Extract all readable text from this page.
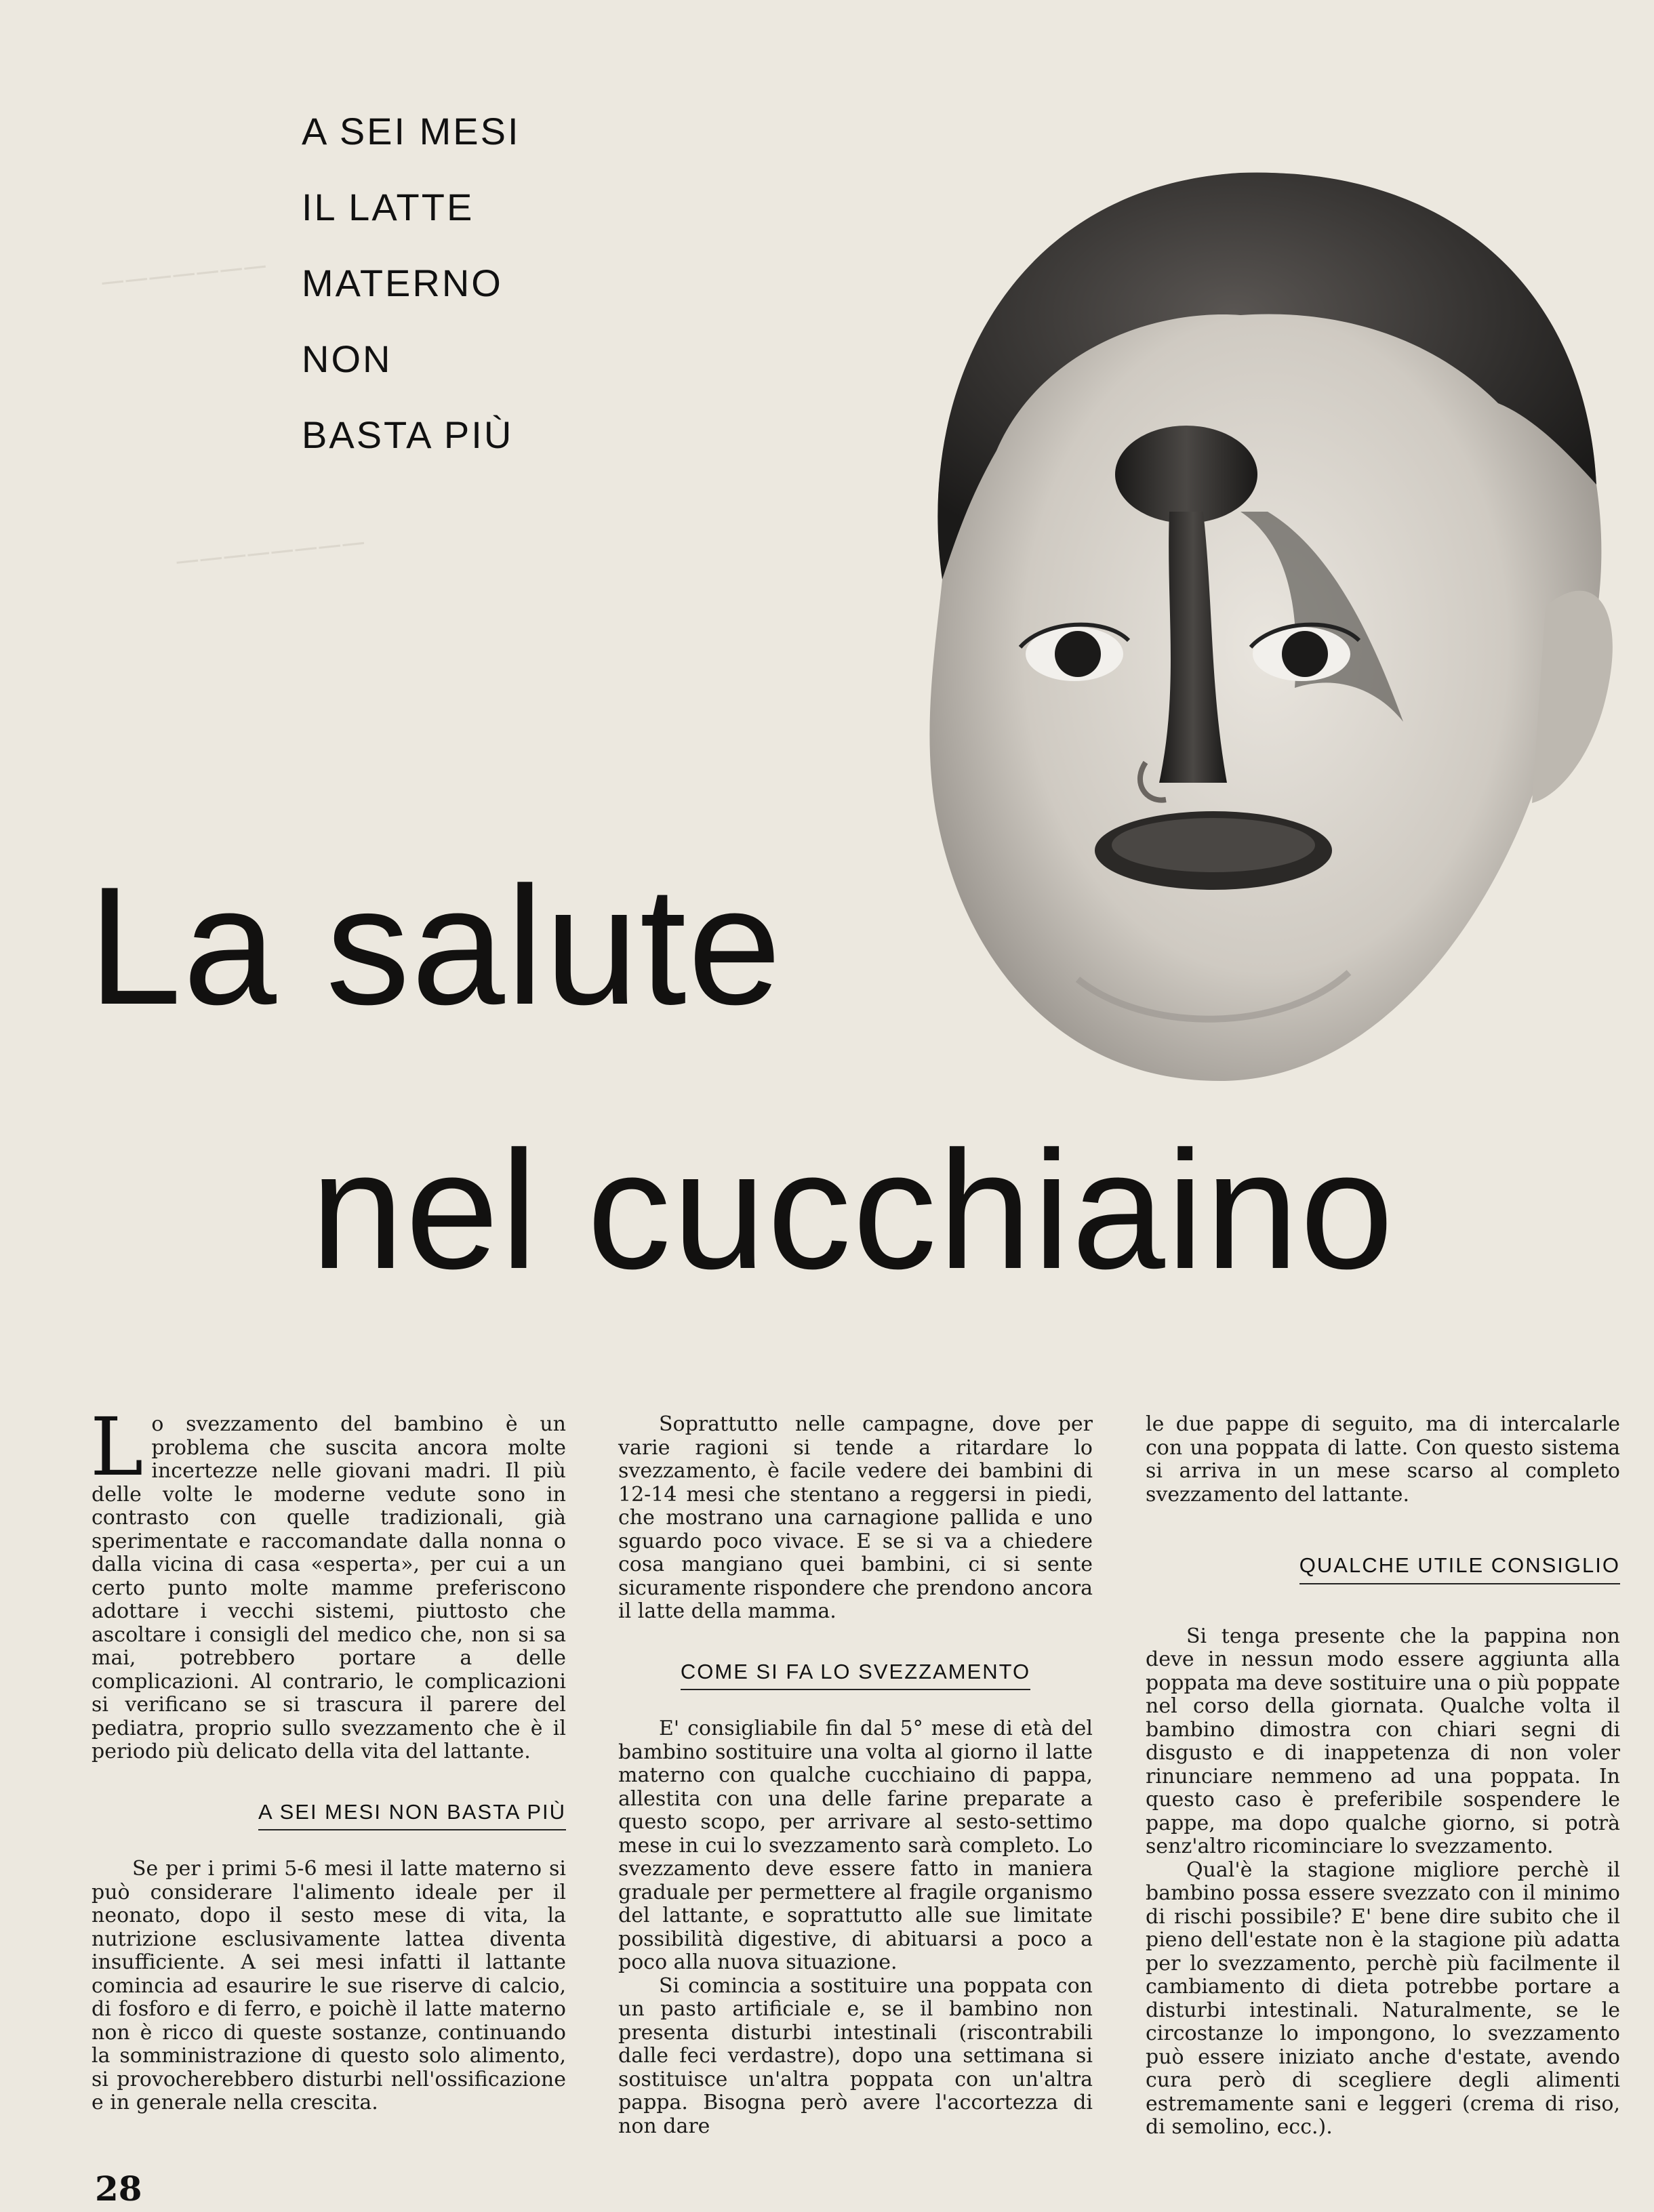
───────
────────
A SEI MESI
IL LATTE
MATERNO
NON
BASTA PIÙ
La salute
nel cucchiaino

Lo svezzamento del bambino è un problema che suscita ancora molte incertezze nelle giovani madri. Il più delle volte le moderne vedute sono in contrasto con quelle tradizionali, già sperimentate e raccomandate dalla nonna o dalla vicina di casa «esperta», per cui a un certo punto molte mamme preferiscono adottare i vecchi sistemi, piuttosto che ascoltare i consigli del medico che, non si sa mai, potrebbero portare a delle complicazioni. Al contrario, le complicazioni si verificano se si trascura il parere del pediatra, proprio sullo svezzamento che è il periodo più delicato della vita del lattante.

A SEI MESI NON BASTA PIÙ

Se per i primi 5-6 mesi il latte materno si può considerare l'alimento ideale per il neonato, dopo il sesto mese di vita, la nutrizione esclusivamente lattea diventa insufficiente. A sei mesi infatti il lattante comincia ad esaurire le sue riserve di calcio, di fosforo e di ferro, e poichè il latte materno non è ricco di queste sostanze, continuando la somministrazione di questo solo alimento, si provocherebbero disturbi nell'ossificazione e in generale nella crescita.

Soprattutto nelle campagne, dove per varie ragioni si tende a ritardare lo svezzamento, è facile vedere dei bambini di 12-14 mesi che stentano a reggersi in piedi, che mostrano una carnagione pallida e uno sguardo poco vivace. E se si va a chiedere cosa mangiano quei bambini, ci si sente sicuramente rispondere che prendono ancora il latte della mamma.

COME SI FA LO SVEZZAMENTO

E' consigliabile fin dal 5° mese di età del bambino sostituire una volta al giorno il latte materno con qualche cucchiaino di pappa, allestita con una delle farine preparate a questo scopo, per arrivare al sesto-settimo mese in cui lo svezzamento sarà completo. Lo svezzamento deve essere fatto in maniera graduale per permettere al fragile organismo del lattante, e soprattutto alle sue limitate possibilità digestive, di abituarsi a poco a poco alla nuova situazione.

Si comincia a sostituire una poppata con un pasto artificiale e, se il bambino non presenta disturbi intestinali (riscontrabili dalle feci verdastre), dopo una settimana si sostituisce un'altra poppata con un'altra pappa. Bisogna però avere l'accortezza di non dare

le due pappe di seguito, ma di intercalarle con una poppata di latte. Con questo sistema si arriva in un mese scarso al completo svezzamento del lattante.

QUALCHE UTILE CONSIGLIO

Si tenga presente che la pappina non deve in nessun modo essere aggiunta alla poppata ma deve sostituire una o più poppate nel corso della giornata. Qualche volta il bambino dimostra con chiari segni di disgusto e di inappetenza di non voler rinunciare nemmeno ad una poppata. In questo caso è preferibile sospendere le pappe, ma dopo qualche giorno, si potrà senz'altro ricominciare lo svezzamento.

Qual'è la stagione migliore perchè il bambino possa essere svezzato con il minimo di rischi possibile? E' bene dire subito che il pieno dell'estate non è la stagione più adatta per lo svezzamento, perchè più facilmente il cambiamento di dieta potrebbe portare a disturbi intestinali. Naturalmente, se le circostanze lo impongono, lo svezzamento può essere iniziato anche d'estate, avendo cura però di scegliere degli alimenti estremamente sani e leggeri (crema di riso, di semolino, ecc.).

28
